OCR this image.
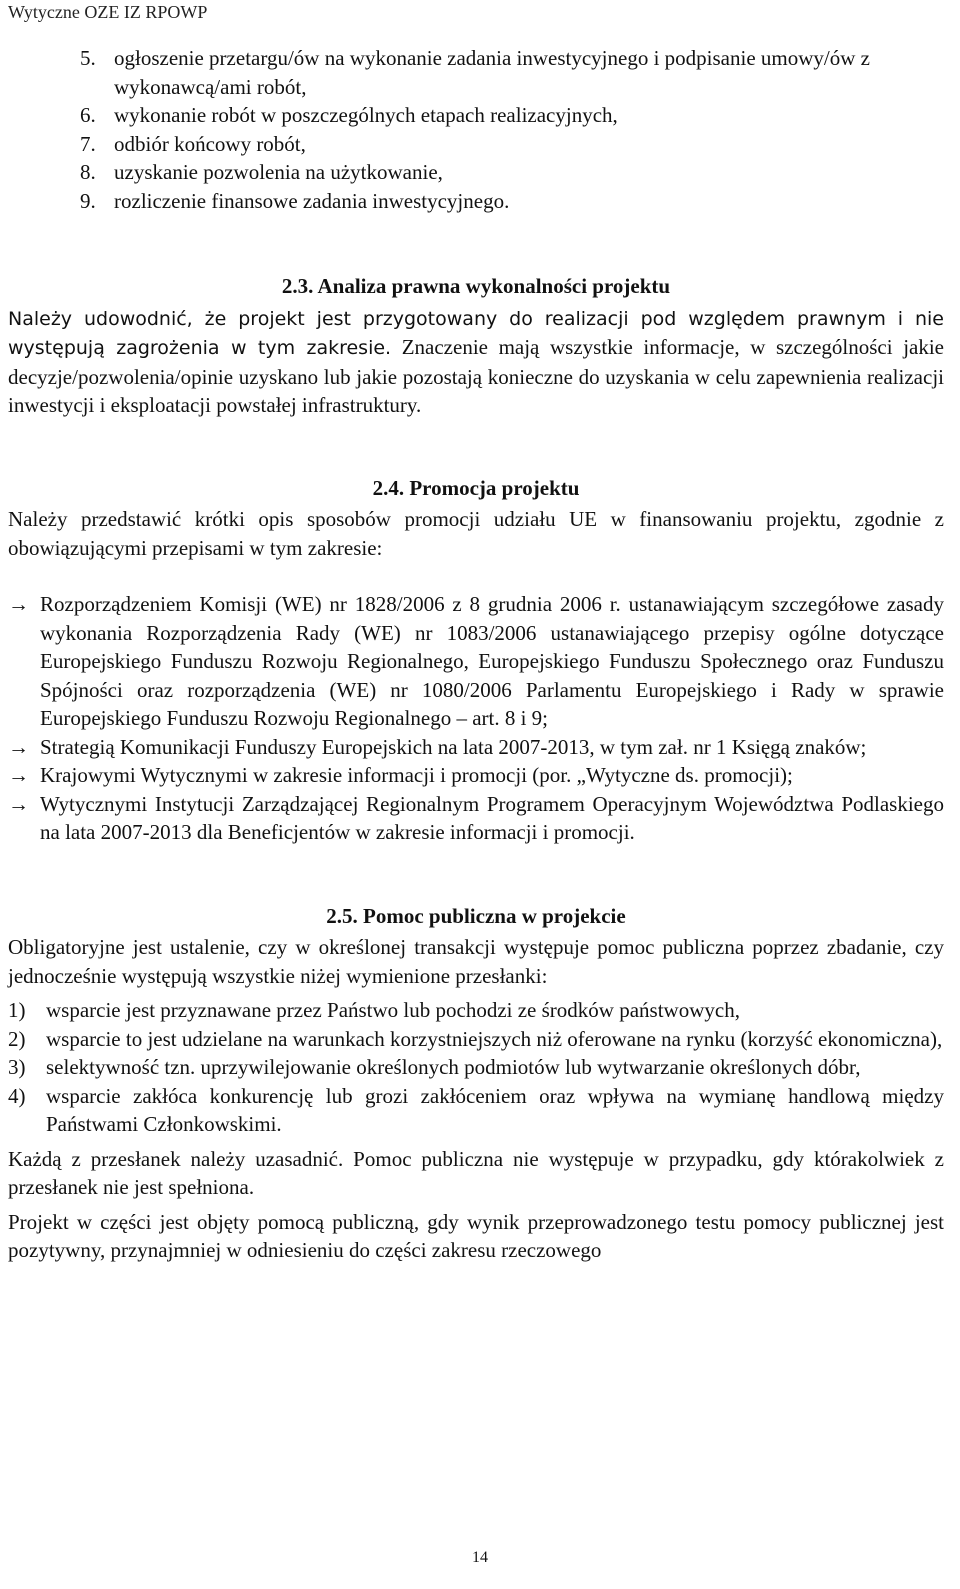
Wytyczne OZE IZ RPOWP
5. ogłoszenie przetargu/ów na wykonanie zadania inwestycyjnego i podpisanie umowy/ów z wykonawcą/ami robót,
6. wykonanie robót w poszczególnych etapach realizacyjnych,
7. odbiór końcowy robót,
8. uzyskanie pozwolenia na użytkowanie,
9. rozliczenie finansowe zadania inwestycyjnego.
2.3. Analiza prawna wykonalności projektu

Należy udowodnić, że projekt jest przygotowany do realizacji pod względem prawnym i nie występują zagrożenia w tym zakresie. Znaczenie mają wszystkie informacje, w szczególności jakie decyzje/pozwolenia/opinie uzyskano lub jakie pozostają konieczne do uzyskania w celu zapewnienia realizacji inwestycji i eksploatacji powstałej infrastruktury.

2.4. Promocja projektu

Należy przedstawić krótki opis sposobów promocji udziału UE w finansowaniu projektu, zgodnie z obowiązującymi przepisami w tym zakresie:

→ Rozporządzeniem Komisji (WE) nr 1828/2006 z 8 grudnia 2006 r. ustanawiającym szczegółowe zasady wykonania Rozporządzenia Rady (WE) nr 1083/2006 ustanawiającego przepisy ogólne dotyczące Europejskiego Funduszu Rozwoju Regionalnego, Europejskiego Funduszu Społecznego oraz Funduszu Spójności oraz rozporządzenia (WE) nr 1080/2006 Parlamentu Europejskiego i Rady w sprawie Europejskiego Funduszu Rozwoju Regionalnego – art. 8 i 9;
→ Strategią Komunikacji Funduszy Europejskich na lata 2007-2013, w tym zał. nr 1 Księgą znaków;
→ Krajowymi Wytycznymi w zakresie informacji i promocji (por. „Wytyczne ds. promocji);
→ Wytycznymi Instytucji Zarządzającej Regionalnym Programem Operacyjnym Województwa Podlaskiego na lata 2007-2013 dla Beneficjentów w zakresie informacji i promocji.
2.5. Pomoc publiczna w projekcie

Obligatoryjne jest ustalenie, czy w określonej transakcji występuje pomoc publiczna poprzez zbadanie, czy jednocześnie występują wszystkie niżej wymienione przesłanki:

1) wsparcie jest przyznawane przez Państwo lub pochodzi ze środków państwowych,
2) wsparcie to jest udzielane na warunkach korzystniejszych niż oferowane na rynku (korzyść ekonomiczna),
3) selektywność tzn. uprzywilejowanie określonych podmiotów lub wytwarzanie określonych dóbr,
4) wsparcie zakłóca konkurencję lub grozi zakłóceniem oraz wpływa na wymianę handlową między Państwami Członkowskimi.

Każdą z przesłanek należy uzasadnić. Pomoc publiczna nie występuje w przypadku, gdy którakolwiek z przesłanek nie jest spełniona.

Projekt w części jest objęty pomocą publiczną, gdy wynik przeprowadzonego testu pomocy publicznej jest pozytywny, przynajmniej w odniesieniu do części zakresu rzeczowego

14
